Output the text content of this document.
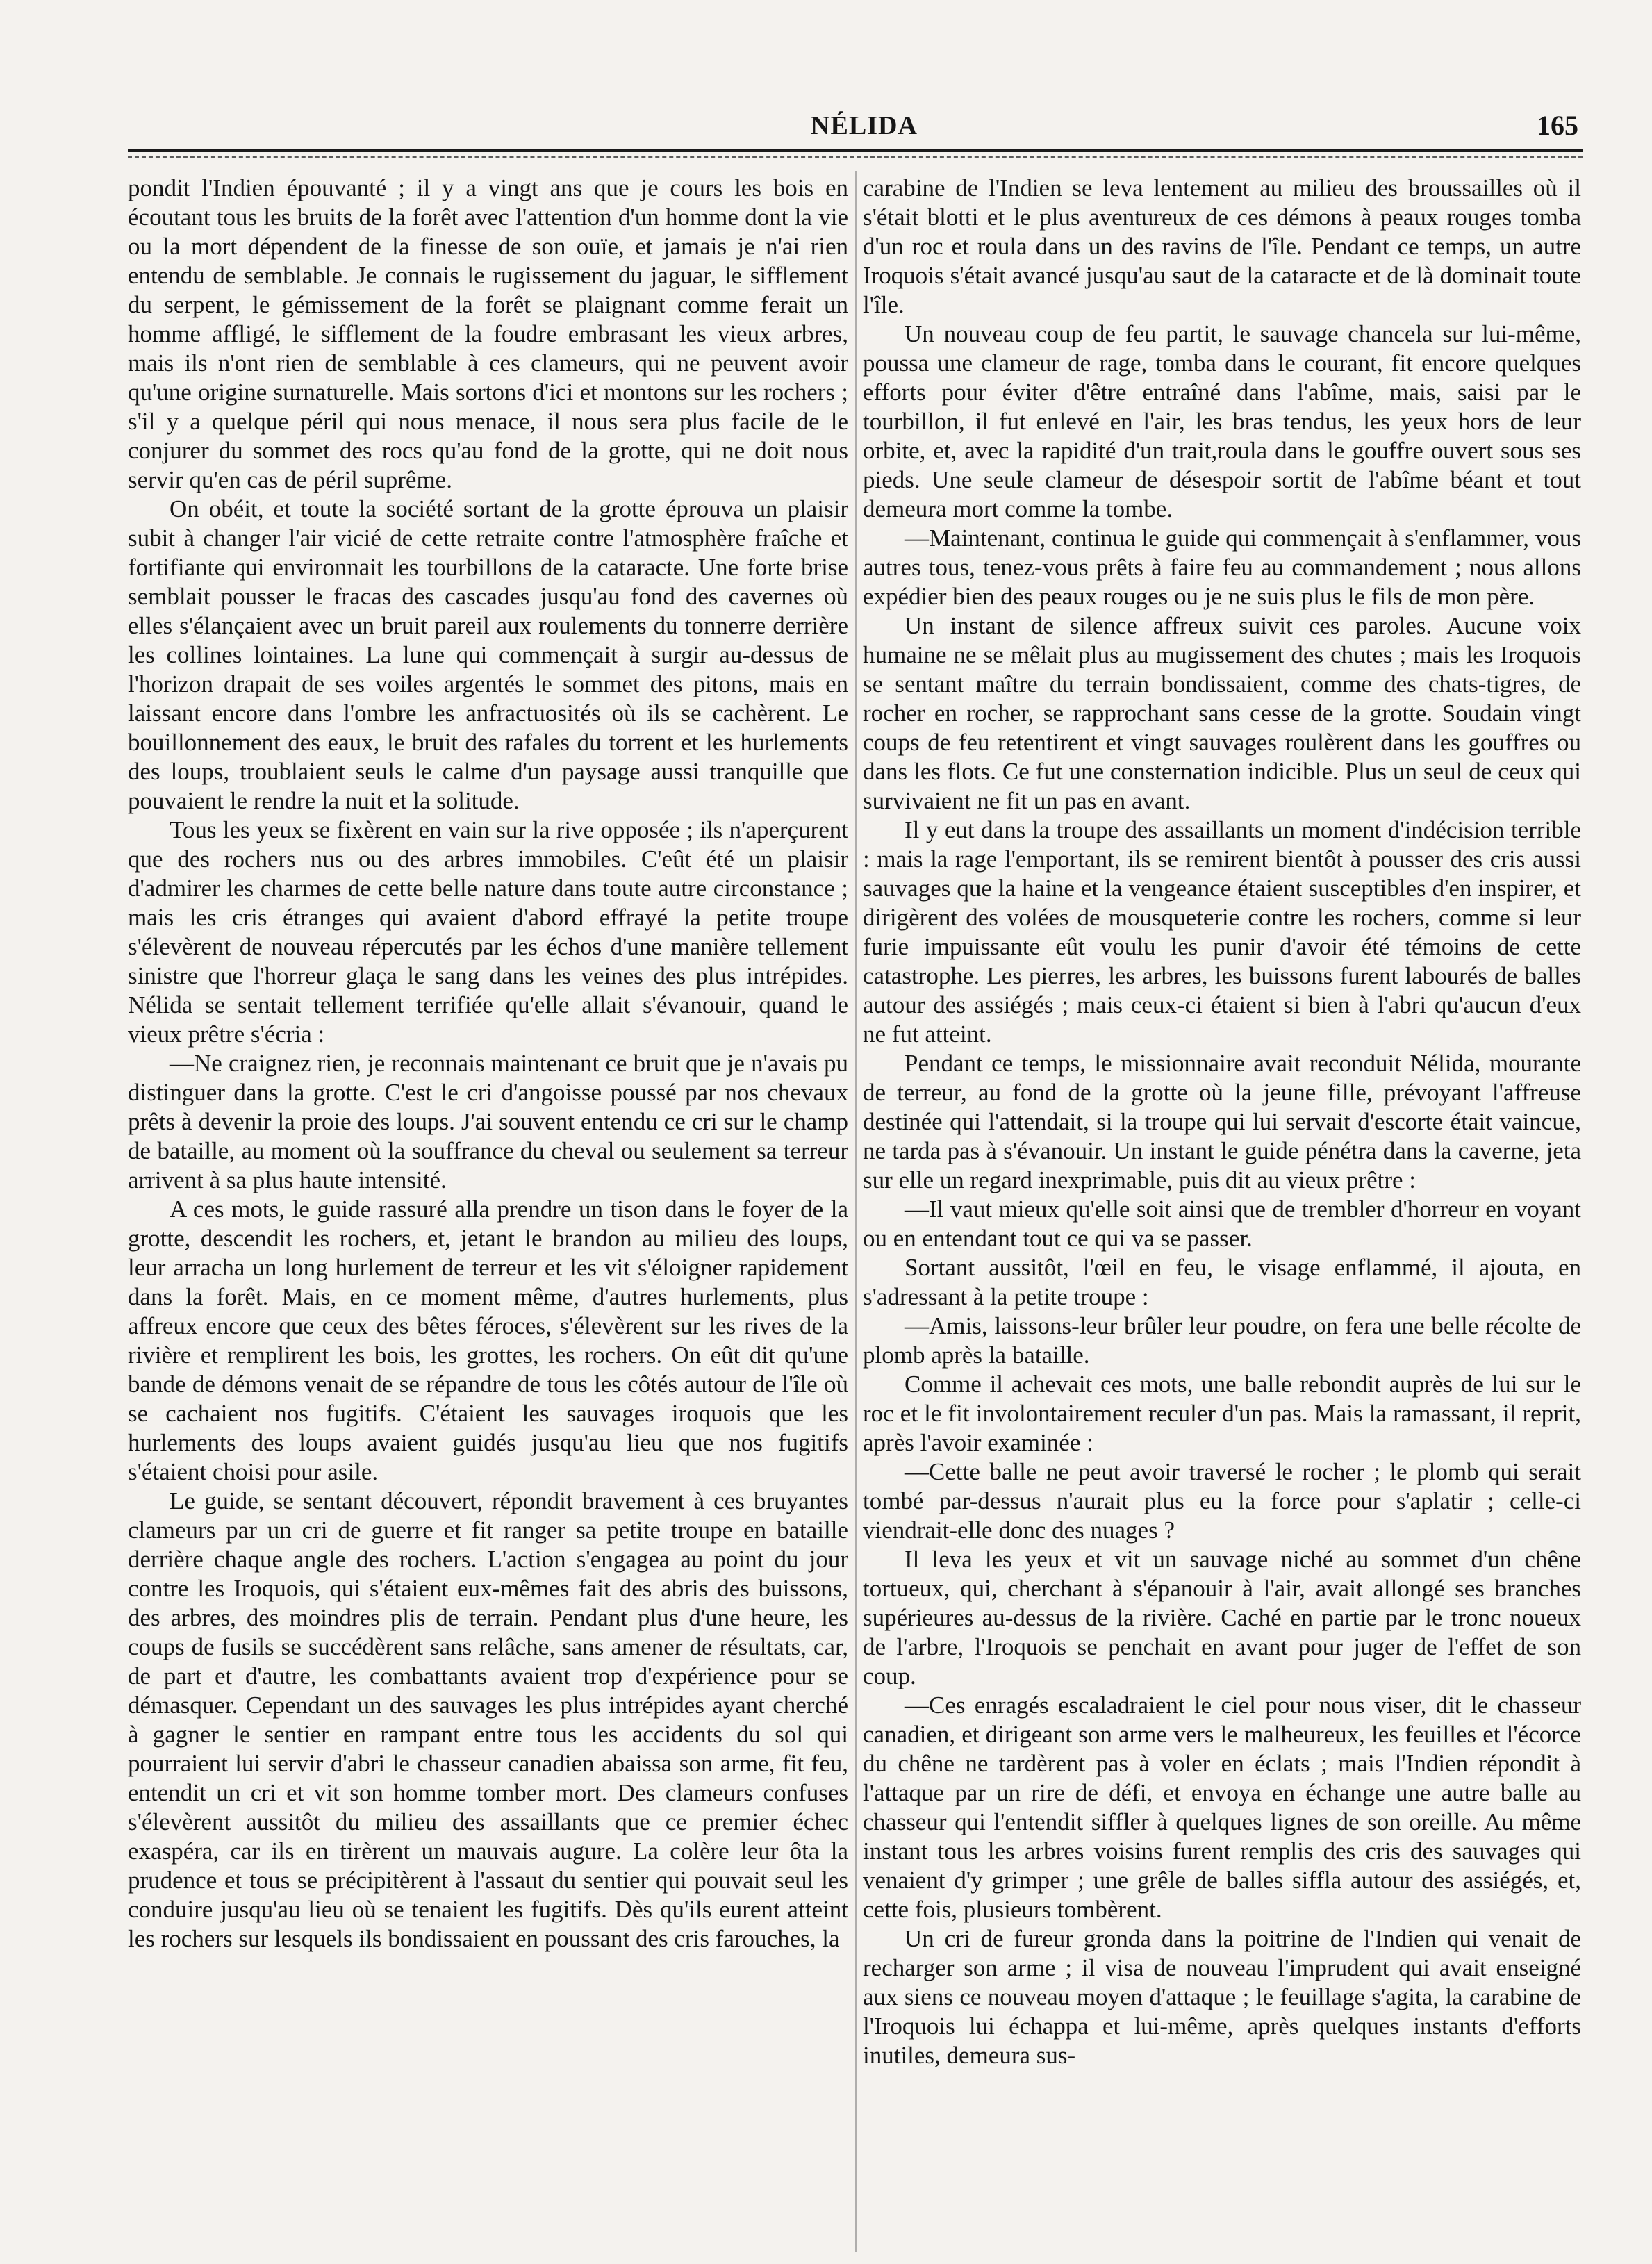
NÉLIDA	165

pondit l'Indien épouvanté ; il y a vingt ans que je cours les bois en écoutant tous les bruits de la forêt avec l'attention d'un homme dont la vie ou la mort dépendent de la finesse de son ouïe, et jamais je n'ai rien entendu de semblable. Je connais le rugissement du jaguar, le sifflement du serpent, le gémissement de la forêt se plaignant comme ferait un homme affligé, le sifflement de la foudre embrasant les vieux arbres, mais ils n'ont rien de semblable à ces clameurs, qui ne peuvent avoir qu'une origine surnaturelle. Mais sortons d'ici et montons sur les rochers ; s'il y a quelque péril qui nous menace, il nous sera plus facile de le conjurer du sommet des rocs qu'au fond de la grotte, qui ne doit nous servir qu'en cas de péril suprême.

On obéit, et toute la société sortant de la grotte éprouva un plaisir subit à changer l'air vicié de cette retraite contre l'atmosphère fraîche et fortifiante qui environnait les tourbillons de la cataracte. Une forte brise semblait pousser le fracas des cascades jusqu'au fond des cavernes où elles s'élançaient avec un bruit pareil aux roulements du tonnerre derrière les collines lointaines. La lune qui commençait à surgir au-dessus de l'horizon drapait de ses voiles argentés le sommet des pitons, mais en laissant encore dans l'ombre les anfractuosités où ils se cachèrent. Le bouillonnement des eaux, le bruit des rafales du torrent et les hurlements des loups, troublaient seuls le calme d'un paysage aussi tranquille que pouvaient le rendre la nuit et la solitude.

Tous les yeux se fixèrent en vain sur la rive opposée ; ils n'aperçurent que des rochers nus ou des arbres immobiles. C'eût été un plaisir d'admirer les charmes de cette belle nature dans toute autre circonstance ; mais les cris étranges qui avaient d'abord effrayé la petite troupe s'élevèrent de nouveau répercutés par les échos d'une manière tellement sinistre que l'horreur glaça le sang dans les veines des plus intrépides. Nélida se sentait tellement terrifiée qu'elle allait s'évanouir, quand le vieux prêtre s'écria :

—Ne craignez rien, je reconnais maintenant ce bruit que je n'avais pu distinguer dans la grotte. C'est le cri d'angoisse poussé par nos chevaux prêts à devenir la proie des loups. J'ai souvent entendu ce cri sur le champ de bataille, au moment où la souffrance du cheval ou seulement sa terreur arrivent à sa plus haute intensité.

A ces mots, le guide rassuré alla prendre un tison dans le foyer de la grotte, descendit les rochers, et, jetant le brandon au milieu des loups, leur arracha un long hurlement de terreur et les vit s'éloigner rapidement dans la forêt. Mais, en ce moment même, d'autres hurlements, plus affreux encore que ceux des bêtes féroces, s'élevèrent sur les rives de la rivière et remplirent les bois, les grottes, les rochers. On eût dit qu'une bande de démons venait de se répandre de tous les côtés autour de l'île où se cachaient nos fugitifs. C'étaient les sauvages iroquois que les hurlements des loups avaient guidés jusqu'au lieu que nos fugitifs s'étaient choisi pour asile.

Le guide, se sentant découvert, répondit bravement à ces bruyantes clameurs par un cri de guerre et fit ranger sa petite troupe en bataille derrière chaque angle des rochers. L'action s'engagea au point du jour contre les Iroquois, qui s'étaient eux-mêmes fait des abris des buissons, des arbres, des moindres plis de terrain. Pendant plus d'une heure, les coups de fusils se succédèrent sans relâche, sans amener de résultats, car, de part et d'autre, les combattants avaient trop d'expérience pour se démasquer. Cependant un des sauvages les plus intrépides ayant cherché à gagner le sentier en rampant entre tous les accidents du sol qui pourraient lui servir d'abri le chasseur canadien abaissa son arme, fit feu, entendit un cri et vit son homme tomber mort. Des clameurs confuses s'élevèrent aussitôt du milieu des assaillants que ce premier échec exaspéra, car ils en tirèrent un mauvais augure. La colère leur ôta la prudence et tous se précipitèrent à l'assaut du sentier qui pouvait seul les conduire jusqu'au lieu où se tenaient les fugitifs. Dès qu'ils eurent atteint les rochers sur lesquels ils bondissaient en poussant des cris farouches, la

carabine de l'Indien se leva lentement au milieu des broussailles où il s'était blotti et le plus aventureux de ces démons à peaux rouges tomba d'un roc et roula dans un des ravins de l'île. Pendant ce temps, un autre Iroquois s'était avancé jusqu'au saut de la cataracte et de là dominait toute l'île.

Un nouveau coup de feu partit, le sauvage chancela sur lui-même, poussa une clameur de rage, tomba dans le courant, fit encore quelques efforts pour éviter d'être entraîné dans l'abîme, mais, saisi par le tourbillon, il fut enlevé en l'air, les bras tendus, les yeux hors de leur orbite, et, avec la rapidité d'un trait,roula dans le gouffre ouvert sous ses pieds. Une seule clameur de désespoir sortit de l'abîme béant et tout demeura mort comme la tombe.

—Maintenant, continua le guide qui commençait à s'enflammer, vous autres tous, tenez-vous prêts à faire feu au commandement ; nous allons expédier bien des peaux rouges ou je ne suis plus le fils de mon père.

Un instant de silence affreux suivit ces paroles. Aucune voix humaine ne se mêlait plus au mugissement des chutes ; mais les Iroquois se sentant maître du terrain bondissaient, comme des chats-tigres, de rocher en rocher, se rapprochant sans cesse de la grotte. Soudain vingt coups de feu retentirent et vingt sauvages roulèrent dans les gouffres ou dans les flots. Ce fut une consternation indicible. Plus un seul de ceux qui survivaient ne fit un pas en avant.

Il y eut dans la troupe des assaillants un moment d'indécision terrible : mais la rage l'emportant, ils se remirent bientôt à pousser des cris aussi sauvages que la haine et la vengeance étaient susceptibles d'en inspirer, et dirigèrent des volées de mousqueterie contre les rochers, comme si leur furie impuissante eût voulu les punir d'avoir été témoins de cette catastrophe. Les pierres, les arbres, les buissons furent labourés de balles autour des assiégés ; mais ceux-ci étaient si bien à l'abri qu'aucun d'eux ne fut atteint.

Pendant ce temps, le missionnaire avait reconduit Nélida, mourante de terreur, au fond de la grotte où la jeune fille, prévoyant l'affreuse destinée qui l'attendait, si la troupe qui lui servait d'escorte était vaincue, ne tarda pas à s'évanouir. Un instant le guide pénétra dans la caverne, jeta sur elle un regard inexprimable, puis dit au vieux prêtre :

—Il vaut mieux qu'elle soit ainsi que de trembler d'horreur en voyant ou en entendant tout ce qui va se passer.

Sortant aussitôt, l'œil en feu, le visage enflammé, il ajouta, en s'adressant à la petite troupe :

—Amis, laissons-leur brûler leur poudre, on fera une belle récolte de plomb après la bataille.

Comme il achevait ces mots, une balle rebondit auprès de lui sur le roc et le fit involontairement reculer d'un pas. Mais la ramassant, il reprit, après l'avoir examinée :

—Cette balle ne peut avoir traversé le rocher ; le plomb qui serait tombé par-dessus n'aurait plus eu la force pour s'aplatir ; celle-ci viendrait-elle donc des nuages ?

Il leva les yeux et vit un sauvage niché au sommet d'un chêne tortueux, qui, cherchant à s'épanouir à l'air, avait allongé ses branches supérieures au-dessus de la rivière. Caché en partie par le tronc noueux de l'arbre, l'Iroquois se penchait en avant pour juger de l'effet de son coup.

—Ces enragés escaladraient le ciel pour nous viser, dit le chasseur canadien, et dirigeant son arme vers le malheureux, les feuilles et l'écorce du chêne ne tardèrent pas à voler en éclats ; mais l'Indien répondit à l'attaque par un rire de défi, et envoya en échange une autre balle au chasseur qui l'entendit siffler à quelques lignes de son oreille. Au même instant tous les arbres voisins furent remplis des cris des sauvages qui venaient d'y grimper ; une grêle de balles siffla autour des assiégés, et, cette fois, plusieurs tombèrent.

Un cri de fureur gronda dans la poitrine de l'Indien qui venait de recharger son arme ; il visa de nouveau l'imprudent qui avait enseigné aux siens ce nouveau moyen d'attaque ; le feuillage s'agita, la carabine de l'Iroquois lui échappa et lui-même, après quelques instants d'efforts inutiles, demeura sus-
